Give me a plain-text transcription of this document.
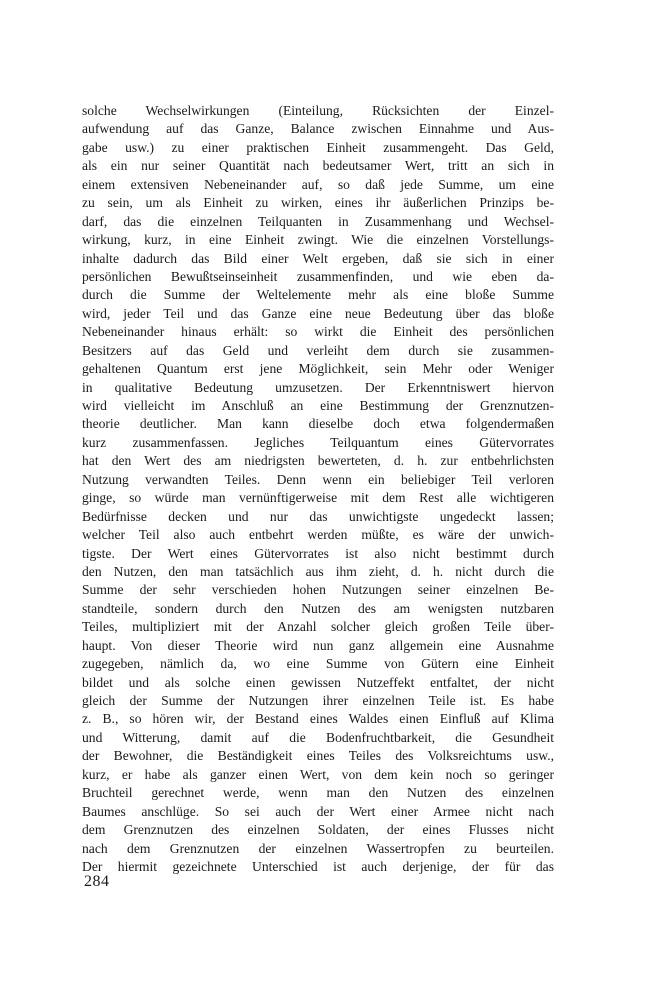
solche Wechselwirkungen (Einteilung, Rücksichten der Einzel-
aufwendung auf das Ganze, Balance zwischen Einnahme und Aus-
gabe usw.) zu einer praktischen Einheit zusammengeht. Das Geld,
als ein nur seiner Quantität nach bedeutsamer Wert, tritt an sich in
einem extensiven Nebeneinander auf, so daß jede Summe, um eine
zu sein, um als Einheit zu wirken, eines ihr äußerlichen Prinzips be-
darf, das die einzelnen Teilquanten in Zusammenhang und Wechsel-
wirkung, kurz, in eine Einheit zwingt. Wie die einzelnen Vorstellungs-
inhalte dadurch das Bild einer Welt ergeben, daß sie sich in einer
persönlichen Bewußtseinseinheit zusammenfinden, und wie eben da-
durch die Summe der Weltelemente mehr als eine bloße Summe
wird, jeder Teil und das Ganze eine neue Bedeutung über das bloße
Nebeneinander hinaus erhält: so wirkt die Einheit des persönlichen
Besitzers auf das Geld und verleiht dem durch sie zusammen-
gehaltenen Quantum erst jene Möglichkeit, sein Mehr oder Weniger
in qualitative Bedeutung umzusetzen. Der Erkenntniswert hiervon
wird vielleicht im Anschluß an eine Bestimmung der Grenznutzen-
theorie deutlicher. Man kann dieselbe doch etwa folgendermaßen
kurz zusammenfassen. Jegliches Teilquantum eines Gütervorrates
hat den Wert des am niedrigsten bewerteten, d. h. zur entbehrlichsten
Nutzung verwandten Teiles. Denn wenn ein beliebiger Teil verloren
ginge, so würde man vernünftigerweise mit dem Rest alle wichtigeren
Bedürfnisse decken und nur das unwichtigste ungedeckt lassen;
welcher Teil also auch entbehrt werden müßte, es wäre der unwich-
tigste. Der Wert eines Gütervorrates ist also nicht bestimmt durch
den Nutzen, den man tatsächlich aus ihm zieht, d. h. nicht durch die
Summe der sehr verschieden hohen Nutzungen seiner einzelnen Be-
standteile, sondern durch den Nutzen des am wenigsten nutzbaren
Teiles, multipliziert mit der Anzahl solcher gleich großen Teile über-
haupt. Von dieser Theorie wird nun ganz allgemein eine Ausnahme
zugegeben, nämlich da, wo eine Summe von Gütern eine Einheit
bildet und als solche einen gewissen Nutzeffekt entfaltet, der nicht
gleich der Summe der Nutzungen ihrer einzelnen Teile ist. Es habe
z. B., so hören wir, der Bestand eines Waldes einen Einfluß auf Klima
und Witterung, damit auf die Bodenfruchtbarkeit, die Gesundheit
der Bewohner, die Beständigkeit eines Teiles des Volksreichtums usw.,
kurz, er habe als ganzer einen Wert, von dem kein noch so geringer
Bruchteil gerechnet werde, wenn man den Nutzen des einzelnen
Baumes anschlüge. So sei auch der Wert einer Armee nicht nach
dem Grenznutzen des einzelnen Soldaten, der eines Flusses nicht
nach dem Grenznutzen der einzelnen Wassertropfen zu beurteilen.
Der hiermit gezeichnete Unterschied ist auch derjenige, der für das
284
